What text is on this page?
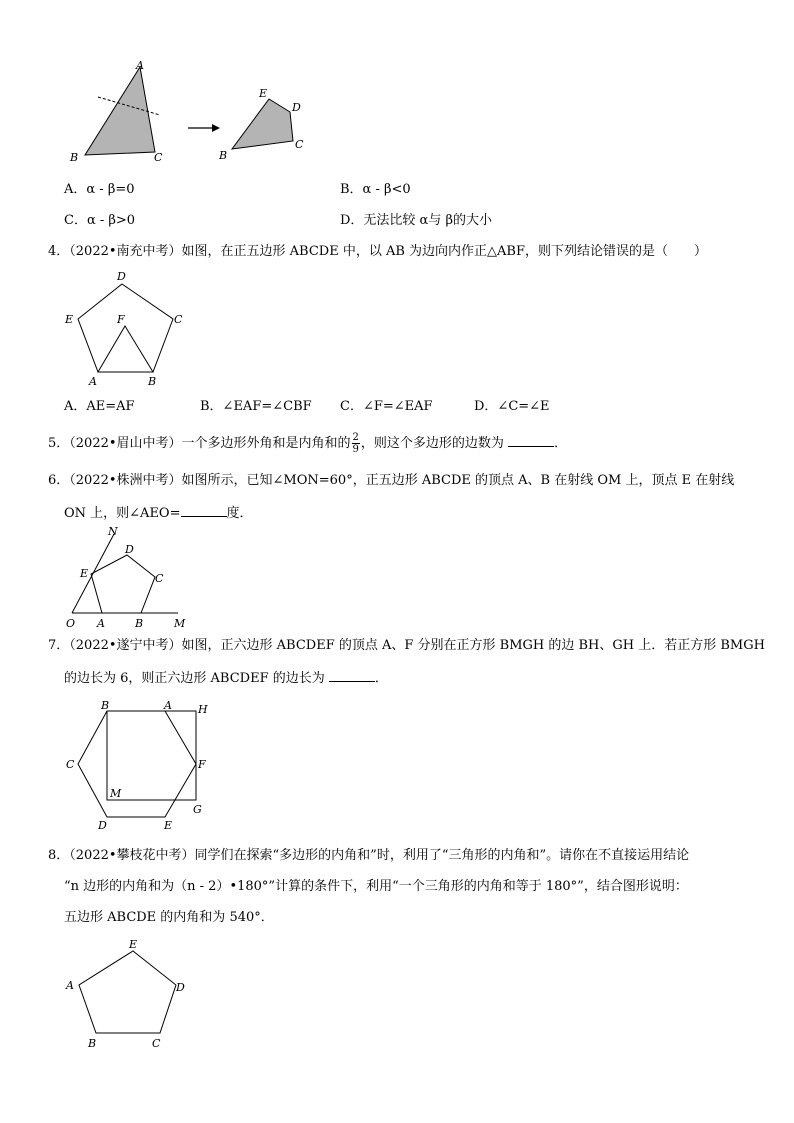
A
B	C
E
D
C
B
A．α - β=0	B．α - β<0
C．α - β>0	D．无法比较 α与 β的大小
4．（2022•南充中考）如图，在正五边形 ABCDE 中，以 AB 为边向内作正△ABF，则下列结论错误的是（　　）
D
E	C
F
A	B
A．AE=AF	B．∠EAF=∠CBF C．∠F=∠EAF	D．∠C=∠E
5．（2022•眉山中考）一个多边形外角和是内角和的 $\frac{2}{9}$ ，则这个多边形的边数为	．
6．（2022•株洲中考）如图所示，已知∠MON=60°，正五边形 ABCDE 的顶点 A、B 在射线 OM 上，顶点 E 在射线
ON 上，则∠AEO=	度．
N
D
E	C
O A	B	M
7．（2022•遂宁中考）如图，正六边形 ABCDEF 的顶点 A、F 分别在正方形 BMGH 的边 BH、GH 上．若正方形 BMGH
的边长为 6，则正六边形 ABCDEF 的边长为	．
B	A H
C	F
M
G
D	E
8．（2022•攀枝花中考）同学们在探索“多边形的内角和”时，利用了“三角形的内角和”。请你在不直接运用结论
“n 边形的内角和为（n - 2）•180°”计算的条件下，利用“一个三角形的内角和等于 180°”，结合图形说明：
五边形 ABCDE 的内角和为 540°．
E
A	D
B	C
